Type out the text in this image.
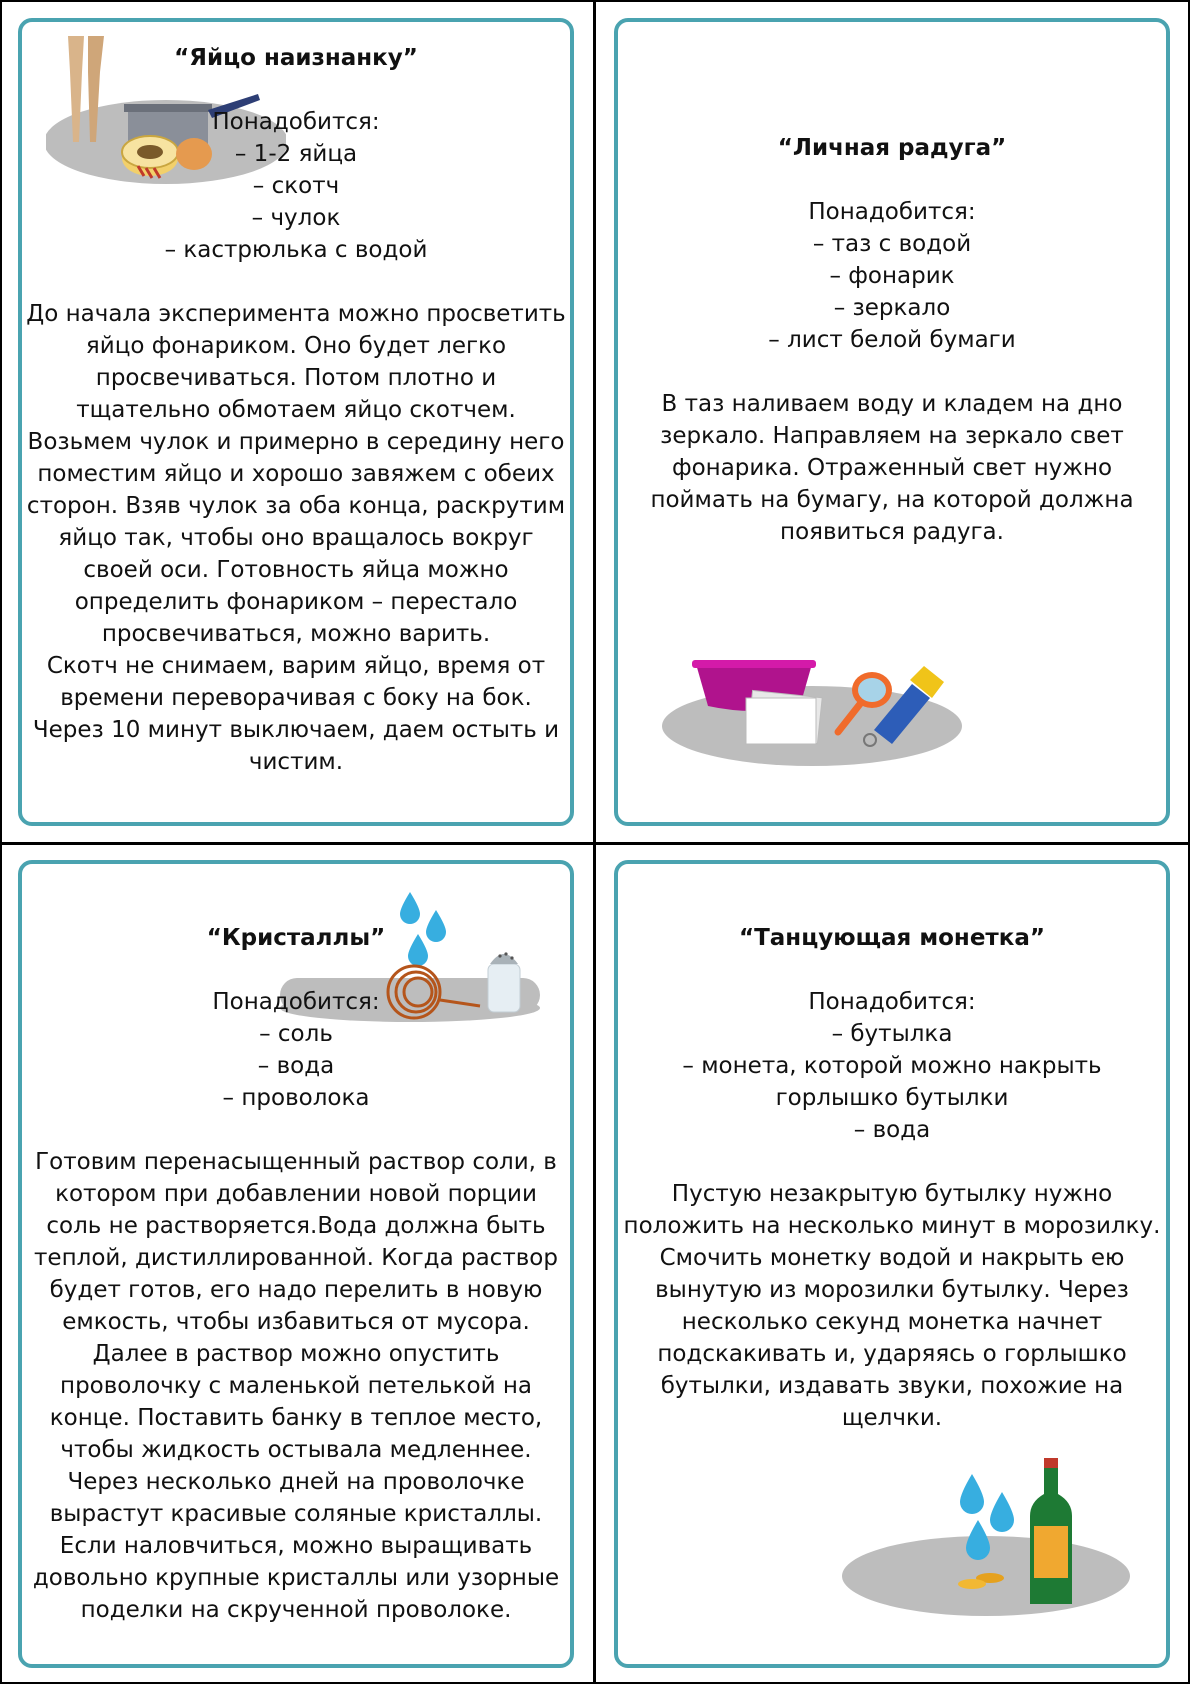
“Яйцо наизнанку”
Понадобится:
– 1-2 яйца
– скотч
– чулок
– кастрюлька с водой
До начала эксперимента можно просветить
яйцо фонариком. Оно будет легко
просвечиваться. Потом плотно и
тщательно обмотаем яйцо скотчем.
Возьмем чулок и примерно в середину него
поместим яйцо и хорошо завяжем с обеих
сторон. Взяв чулок за оба конца, раскрутим
яйцо так, чтобы оно вращалось вокруг
своей оси. Готовность яйца можно
определить фонариком – перестало
просвечиваться, можно варить.
Скотч не снимаем, варим яйцо, время от
времени переворачивая с боку на бок.
Через 10 минут выключаем, даем остыть и
чистим.
“Личная радуга”
Понадобится:
– таз с водой
– фонарик
– зеркало
– лист белой бумаги
В таз наливаем воду и кладем на дно
зеркало. Направляем на зеркало свет
фонарика. Отраженный свет нужно
поймать на бумагу, на которой должна
появиться радуга.
“Кристаллы”
Понадобится:
– соль
– вода
– проволока
Готовим перенасыщенный раствор соли, в
котором при добавлении новой порции
соль не растворяется.Вода должна быть
теплой, дистиллированной. Когда раствор
будет готов, его надо перелить в новую
емкость, чтобы избавиться от мусора.
Далее в раствор можно опустить
проволочку с маленькой петелькой на
конце. Поставить банку в теплое место,
чтобы жидкость остывала медленнее.
Через несколько дней на проволочке
вырастут красивые соляные кристаллы.
Если наловчиться, можно выращивать
довольно крупные кристаллы или узорные
поделки на скрученной проволоке.
“Танцующая монетка”
Понадобится:
– бутылка
– монета, которой можно накрыть
горлышко бутылки
– вода
Пустую незакрытую бутылку нужно
положить на несколько минут в морозилку.
Смочить монетку водой и накрыть ею
вынутую из морозилки бутылку. Через
несколько секунд монетка начнет
подскакивать и, ударяясь о горлышко
бутылки, издавать звуки, похожие на
щелчки.
